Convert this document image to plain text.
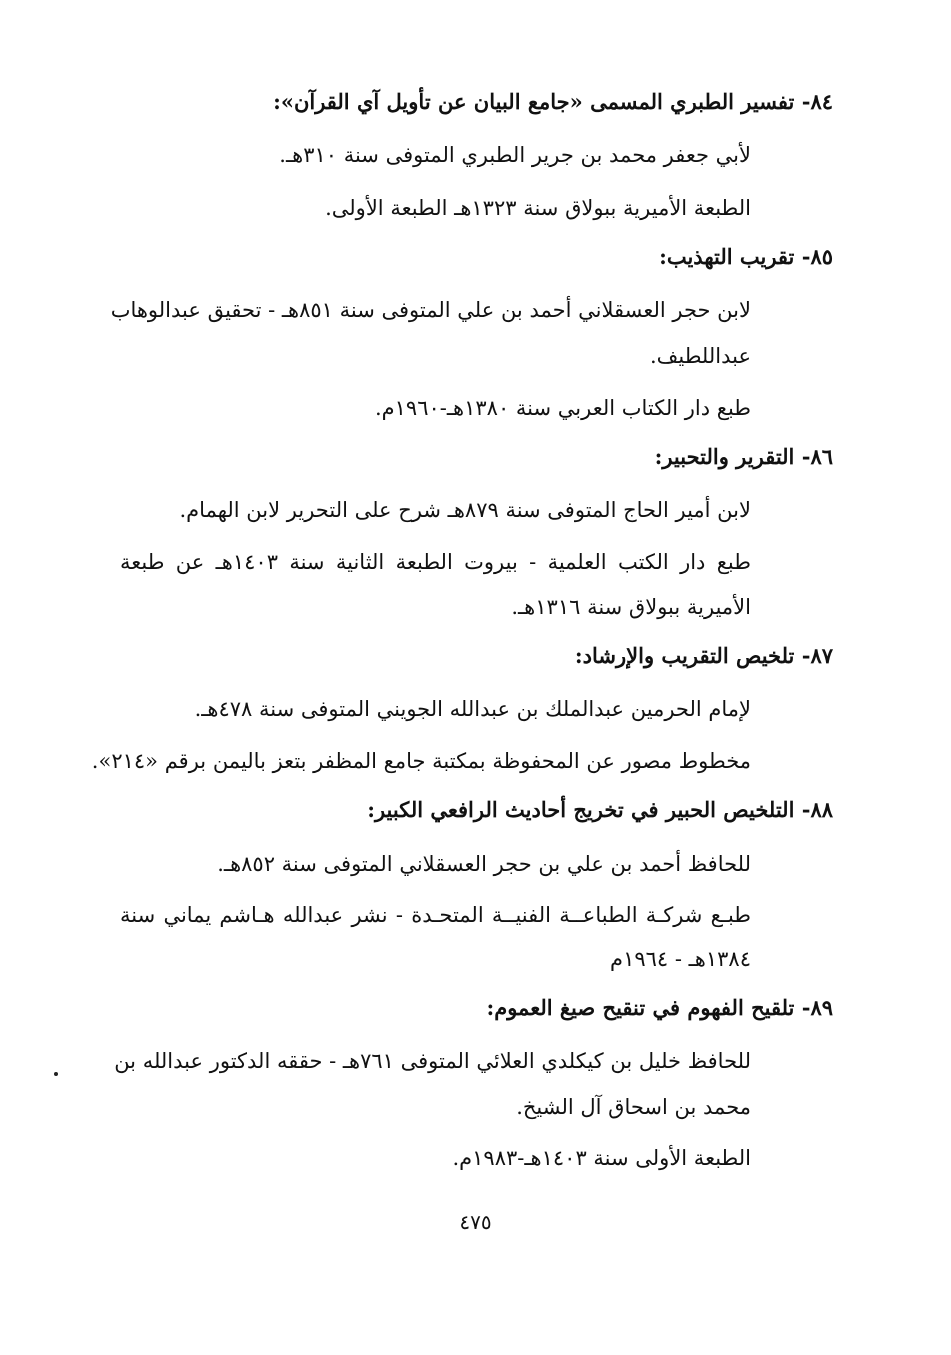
٨٤- تفسير الطبري المسمى «جامع البيان عن تأويل آي القرآن»:
لأبي جعفر محمد بن جرير الطبري المتوفى سنة ٣١٠هـ.
الطبعة الأميرية ببولاق سنة ١٣٢٣هـ الطبعة الأولى.
٨٥- تقريب التهذيب:
لابن حجر العسقلاني أحمد بن علي المتوفى سنة ٨٥١هـ - تحقيق عبدالوهاب
عبداللطيف.
طبع دار الكتاب العربي سنة ١٣٨٠هـ-١٩٦٠م.
٨٦- التقرير والتحبير:
لابن أمير الحاج المتوفى سنة ٨٧٩هـ شرح على التحرير لابن الهمام.
طبع دار الكتب العلمية - بيروت الطبعة الثانية سنة ١٤٠٣هـ عن طبعة
الأميرية ببولاق سنة ١٣١٦هـ.
٨٧- تلخيص التقريب والإرشاد:
لإمام الحرمين عبدالملك بن عبدالله الجويني المتوفى سنة ٤٧٨هـ.
مخطوط مصور عن المحفوظة بمكتبة جامع المظفر بتعز باليمن برقم «٢١٤».
٨٨- التلخيص الحبير في تخريج أحاديث الرافعي الكبير:
للحافظ أحمد بن علي بن حجر العسقلاني المتوفى سنة ٨٥٢هـ.
طبـع شركـة الطباعــة الفنيــة المتحـدة - نشر عبدالله هـاشم يماني سنة
١٣٨٤هـ - ١٩٦٤م
٨٩- تلقيح الفهوم في تنقيح صيغ العموم:
للحافظ خليل بن كيكلدي العلائي المتوفى ٧٦١هـ - حققه الدكتور عبدالله بن
محمد بن اسحاق آل الشيخ.
الطبعة الأولى سنة ١٤٠٣هـ-١٩٨٣م.
٤٧٥
